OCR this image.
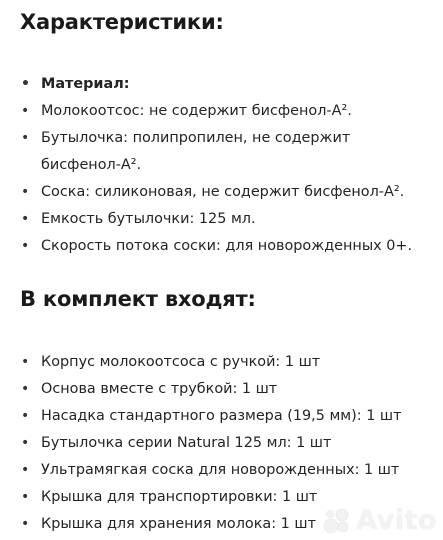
Характеристики:
• Материал:
• Молокоотсос: не содержит бисфенол-А².
• Бутылочка: полипропилен, не содержит бисфенол-А².
• Соска: силиконовая, не содержит бисфенол-А².
• Емкость бутылочки: 125 мл.
• Скорость потока соски: для новорожденных 0+.
В комплект входят:
• Корпус молокоотсоса с ручкой: 1 шт
• Основа вместе с трубкой: 1 шт
• Насадка стандартного размера (19,5 мм): 1 шт
• Бутылочка серии Natural 125 мл: 1 шт
• Ультрамягкая соска для новорожденных: 1 шт
• Крышка для транспортировки: 1 шт
• Крышка для хранения молока: 1 шт	Avito
